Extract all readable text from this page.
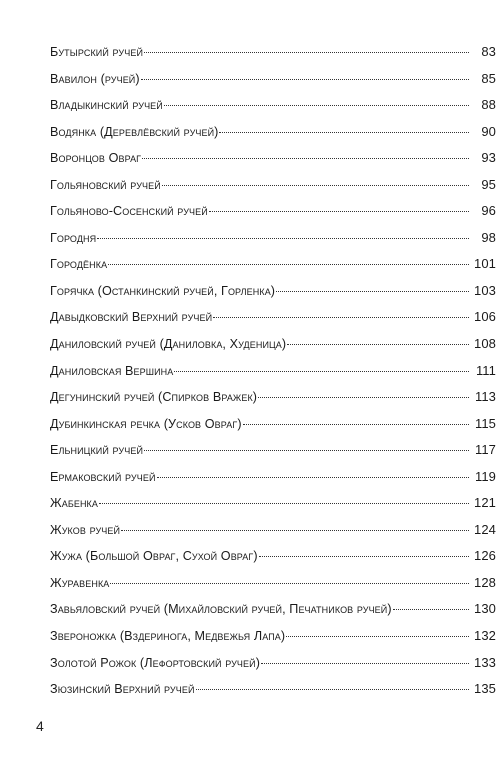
Бутырский ручей	83
Вавилон (ручей)	85
Владыкинский ручей	88
Водянка (Деревлёвский ручей)	90
Воронцов Овраг	93
Гольяновский ручей	95
Гольяново-Сосенский ручей	96
Городня	98
Городёнка	101
Горячка (Останкинский ручей, Горленка)	103
Давыдковский Верхний ручей	106
Даниловский ручей (Даниловка, Худеница)	108
Даниловская Вершина	111
Дегунинский ручей (Спирков Вражек)	113
Дубинкинская речка (Усков Овраг)	115
Ельницкий ручей	117
Ермаковский ручей	119
Жабенка	121
Жуков ручей	124
Жужа (Большой Овраг, Сухой Овраг)	126
Журавенка	128
Завьяловский ручей (Михайловский ручей, Печатников ручей)	130
Звероножка (Вздеринога, Медвежья Лапа)	132
Золотой Рожок (Лефортовский ручей)	133
Зюзинский Верхний ручей	135
4
